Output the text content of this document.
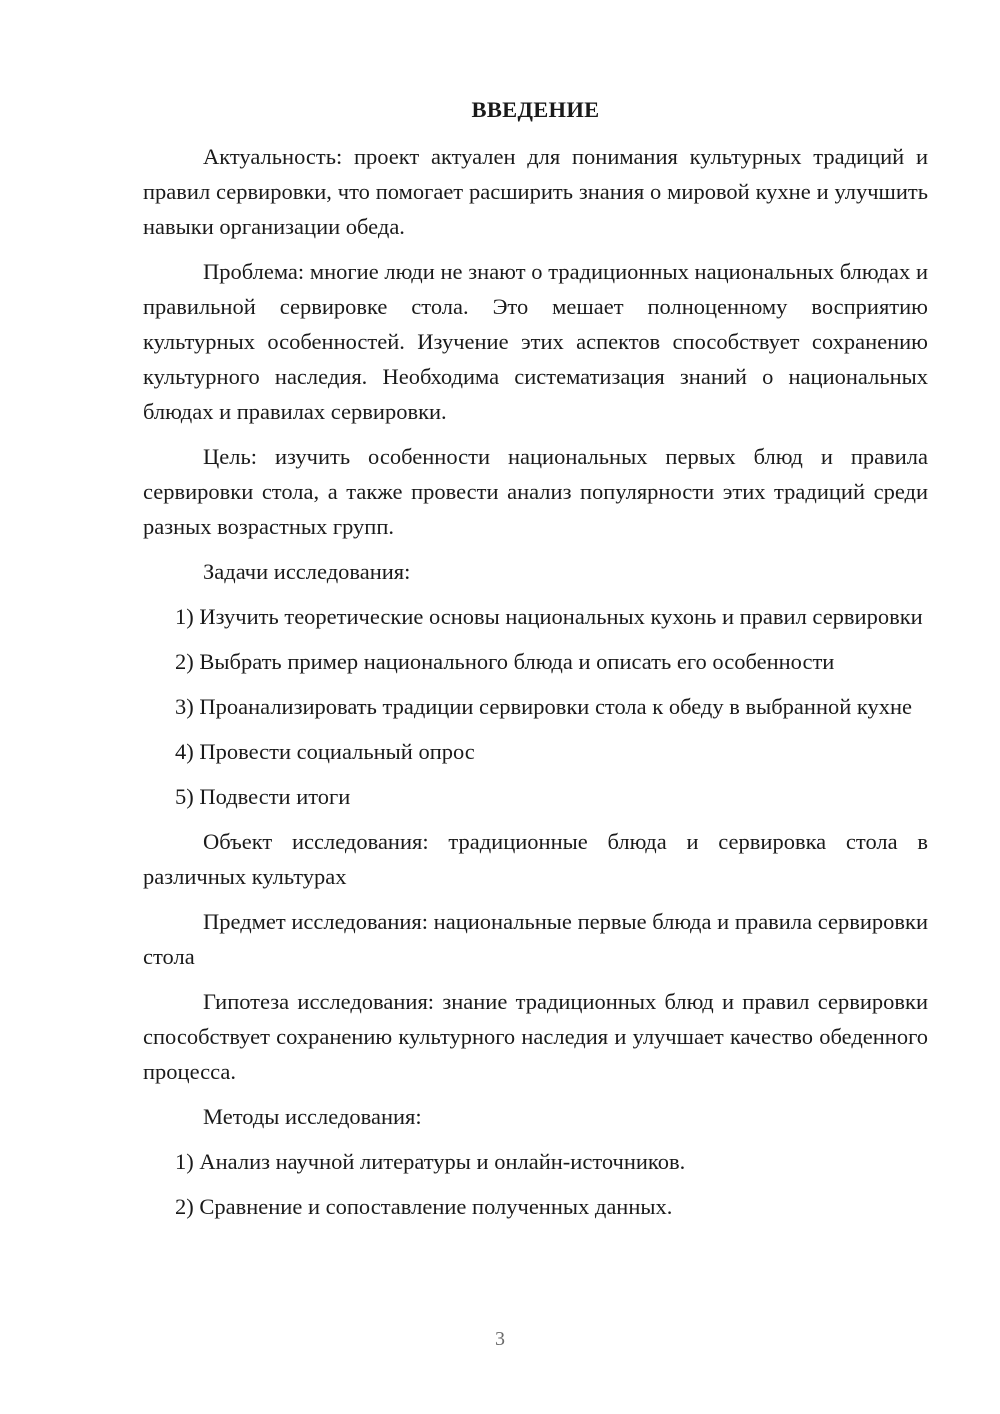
ВВЕДЕНИЕ

Актуальность: проект актуален для понимания культурных традиций и правил сервировки, что помогает расширить знания о мировой кухне и улучшить навыки организации обеда.

Проблема: многие люди не знают о традиционных национальных блюдах и правильной сервировке стола. Это мешает полноценному восприятию культурных особенностей. Изучение этих аспектов способствует сохранению культурного наследия. Необходима систематизация знаний о национальных блюдах и правилах сервировки.

Цель: изучить особенности национальных первых блюд и правила сервировки стола, а также провести анализ популярности этих традиций среди разных возрастных групп.

Задачи исследования:

1) Изучить теоретические основы национальных кухонь и правил сервировки

2) Выбрать пример национального блюда и описать его особенности

3) Проанализировать традиции сервировки стола к обеду в выбранной кухне

4) Провести социальный опрос

5) Подвести итоги

Объект исследования: традиционные блюда и сервировка стола в различных культурах

Предмет исследования: национальные первые блюда и правила сервировки стола

Гипотеза исследования: знание традиционных блюд и правил сервировки способствует сохранению культурного наследия и улучшает качество обеденного процесса.

Методы исследования:

1) Анализ научной литературы и онлайн-источников.

2) Сравнение и сопоставление полученных данных.

3
